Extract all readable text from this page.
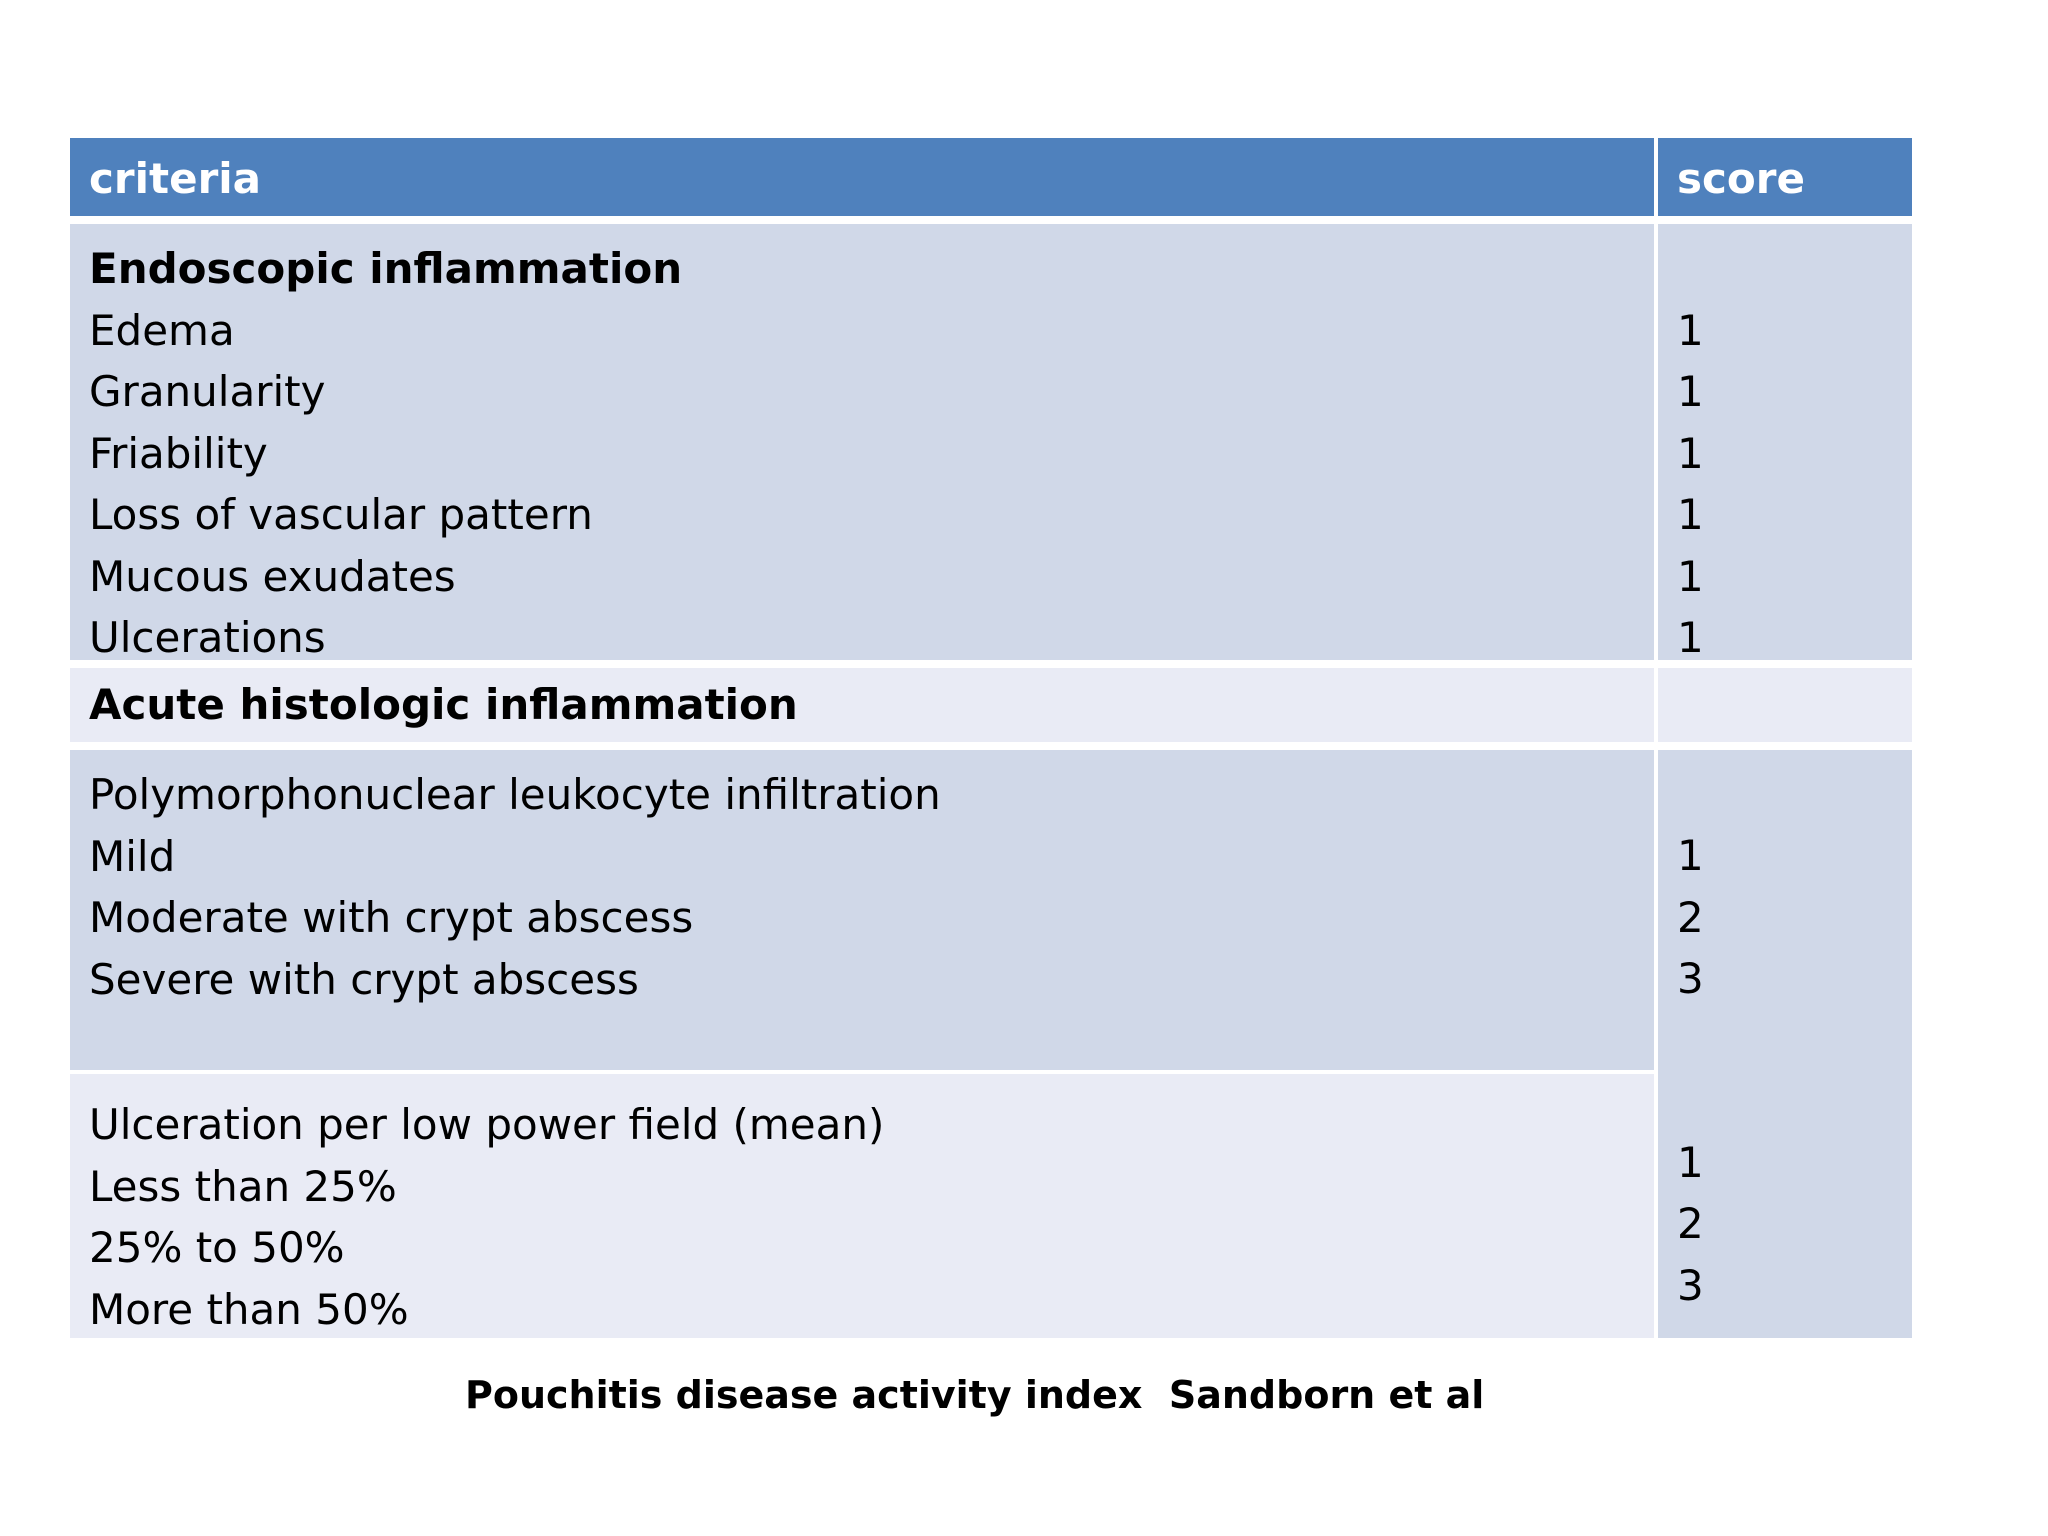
criteria	score
Endoscopic inflammation
Edema
Granularity
Friability
Loss of vascular pattern
Mucous exudates
Ulcerations
1
1
1
1
1
1
Acute histologic inflammation
Polymorphonuclear leukocyte infiltration
Mild
Moderate with crypt abscess
Severe with crypt abscess
Ulceration per low power field (mean)
Less than 25%
25% to 50%
More than 50%
1
2
3
1
2
3
Pouchitis disease activity index  Sandborn et al
